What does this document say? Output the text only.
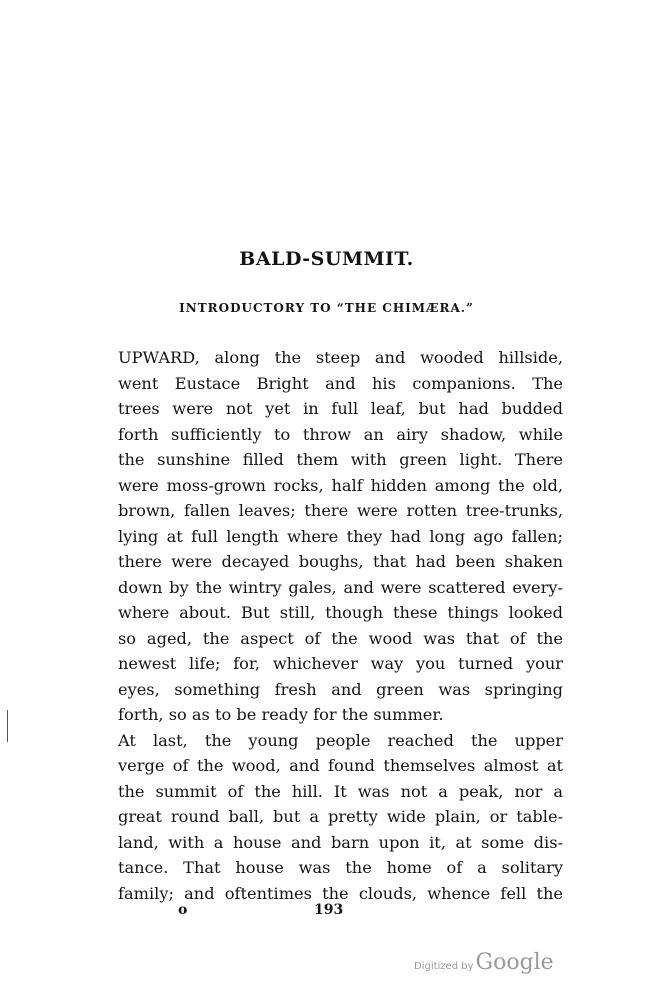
BALD-SUMMIT.
INTRODUCTORY TO “THE CHIMÆRA.”
UPWARD, along the steep and wooded hillside,
went Eustace Bright and his companions. The
trees were not yet in full leaf, but had budded
forth sufficiently to throw an airy shadow, while
the sunshine filled them with green light. There
were moss-grown rocks, half hidden among the old,
brown, fallen leaves; there were rotten tree-trunks,
lying at full length where they had long ago fallen;
there were decayed boughs, that had been shaken
down by the wintry gales, and were scattered every-
where about. But still, though these things looked
so aged, the aspect of the wood was that of the
newest life; for, whichever way you turned your
eyes, something fresh and green was springing
forth, so as to be ready for the summer.
At last, the young people reached the upper
verge of the wood, and found themselves almost at
the summit of the hill. It was not a peak, nor a
great round ball, but a pretty wide plain, or table-
land, with a house and barn upon it, at some dis-
tance. That house was the home of a solitary
family; and oftentimes the clouds, whence fell the
o	193
Digitized byGoogle
